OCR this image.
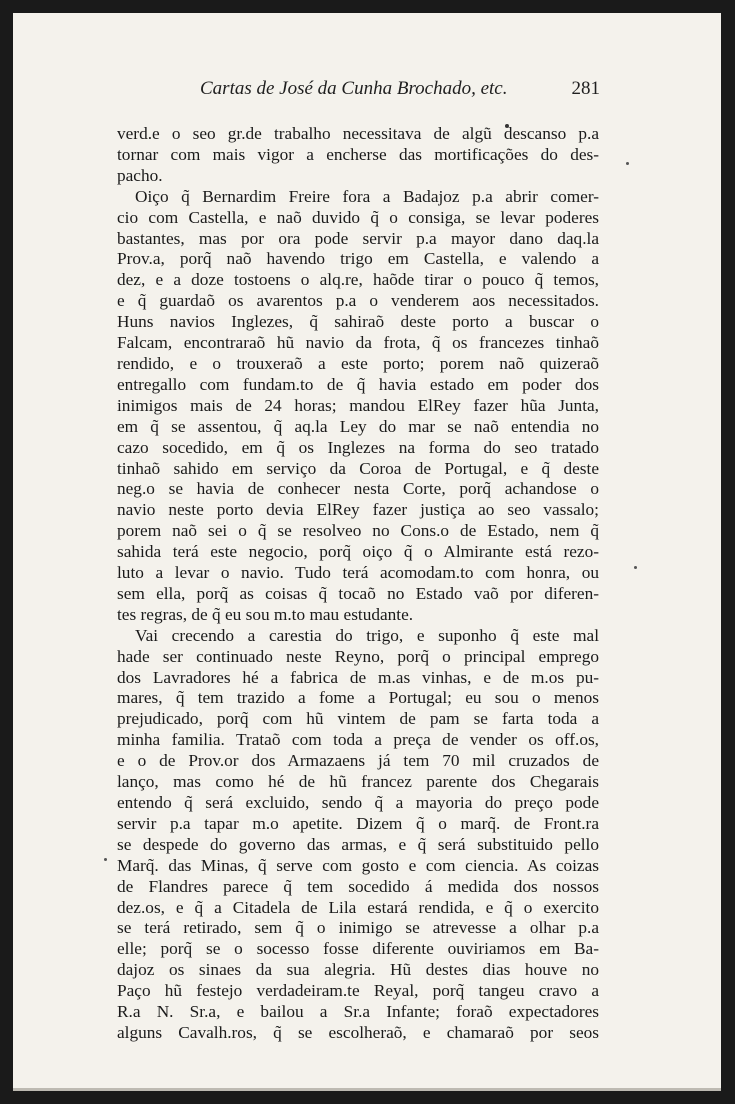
Cartas de José da Cunha Brochado, etc.	281
verd.e o seo gr.de trabalho necessitava de algũ descanso p.a
tornar com mais vigor a encherse das mortificações do des-
pacho.
Oiço q̃ Bernardim Freire fora a Badajoz p.a abrir comer-
cio com Castella, e naõ duvido q̃ o consiga, se levar poderes
bastantes, mas por ora pode servir p.a mayor dano daq.la
Prov.a, porq̃ naõ havendo trigo em Castella, e valendo a
dez, e a doze tostoens o alq.re, haõde tirar o pouco q̃ temos,
e q̃ guardaõ os avarentos p.a o venderem aos necessitados.
Huns navios Inglezes, q̃ sahiraõ deste porto a buscar o
Falcam, encontraraõ hũ navio da frota, q̃ os francezes tinhaõ
rendido, e o trouxeraõ a este porto; porem naõ quizeraõ
entregallo com fundam.to de q̃ havia estado em poder dos
inimigos mais de 24 horas; mandou ElRey fazer hũa Junta,
em q̃ se assentou, q̃ aq.la Ley do mar se naõ entendia no
cazo socedido, em q̃ os Inglezes na forma do seo tratado
tinhaõ sahido em serviço da Coroa de Portugal, e q̃ deste
neg.o se havia de conhecer nesta Corte, porq̃ achandose o
navio neste porto devia ElRey fazer justiça ao seo vassalo;
porem naõ sei o q̃ se resolveo no Cons.o de Estado, nem q̃
sahida terá este negocio, porq̃ oiço q̃ o Almirante está rezo-
luto a levar o navio. Tudo terá acomodam.to com honra, ou
sem ella, porq̃ as coisas q̃ tocaõ no Estado vaõ por diferen-
tes regras, de q̃ eu sou m.to mau estudante.
Vai crecendo a carestia do trigo, e suponho q̃ este mal
hade ser continuado neste Reyno, porq̃ o principal emprego
dos Lavradores hé a fabrica de m.as vinhas, e de m.os pu-
mares, q̃ tem trazido a fome a Portugal; eu sou o menos
prejudicado, porq̃ com hũ vintem de pam se farta toda a
minha familia. Trataõ com toda a preça de vender os off.os,
e o de Prov.or dos Armazaens já tem 70 mil cruzados de
lanço, mas como hé de hũ francez parente dos Chegarais
entendo q̃ será excluido, sendo q̃ a mayoria do preço pode
servir p.a tapar m.o apetite. Dizem q̃ o marq̃. de Front.ra
se despede do governo das armas, e q̃ será substituido pello
Marq̃. das Minas, q̃ serve com gosto e com ciencia. As coizas
de Flandres parece q̃ tem socedido á medida dos nossos
dez.os, e q̃ a Citadela de Lila estará rendida, e q̃ o exercito
se terá retirado, sem q̃ o inimigo se atrevesse a olhar p.a
elle; porq̃ se o socesso fosse diferente ouviriamos em Ba-
dajoz os sinaes da sua alegria. Hũ destes dias houve no
Paço hũ festejo verdadeiram.te Reyal, porq̃ tangeu cravo a
R.a N. Sr.a, e bailou a Sr.a Infante; foraõ expectadores
alguns Cavalh.ros, q̃ se escolheraõ, e chamaraõ por seos
